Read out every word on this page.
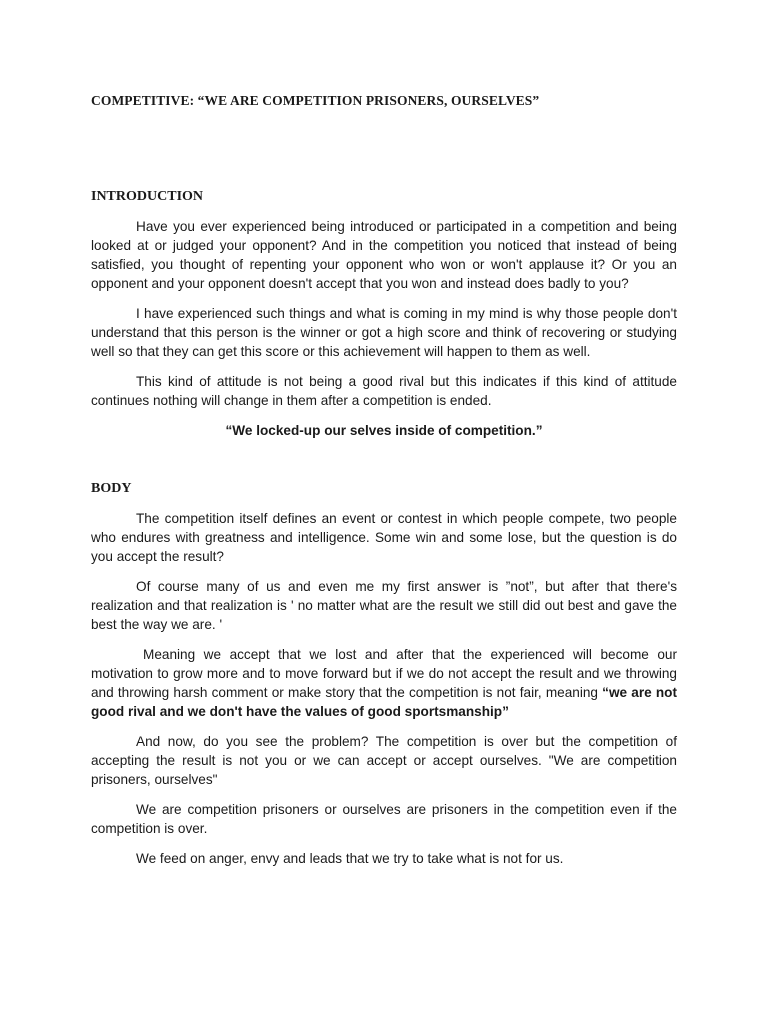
COMPETITIVE: “WE ARE COMPETITION PRISONERS, OURSELVES”
INTRODUCTION

Have you ever experienced being introduced or participated in a competition and being looked at or judged your opponent? And in the competition you noticed that instead of being satisfied, you thought of repenting your opponent who won or won't applause it? Or you an opponent and your opponent doesn't accept that you won and instead does badly to you?

I have experienced such things and what is coming in my mind is why those people don't understand that this person is the winner or got a high score and think of recovering or studying well so that they can get this score or this achievement will happen to them as well.

This kind of attitude is not being a good rival but this indicates if this kind of attitude continues nothing will change in them after a competition is ended.

“We locked-up our selves inside of competition.”

BODY

The competition itself defines an event or contest in which people compete, two people who endures with greatness and intelligence. Some win and some lose, but the question is do you accept the result?

Of course many of us and even me my first answer is ”not”, but after that there's realization and that realization is ' no matter what are the result we still did out best and gave the best the way we are. '

Meaning we accept that we lost and after that the experienced will become our motivation to grow more and to move forward but if we do not accept the result and we throwing and throwing harsh comment or make story that the competition is not fair, meaning “we are not good rival and we don't have the values of good sportsmanship”

And now, do you see the problem? The competition is over but the competition of accepting the result is not you or we can accept or accept ourselves. "We are competition prisoners, ourselves"

We are competition prisoners or ourselves are prisoners in the competition even if the competition is over.

We feed on anger, envy and leads that we try to take what is not for us.
